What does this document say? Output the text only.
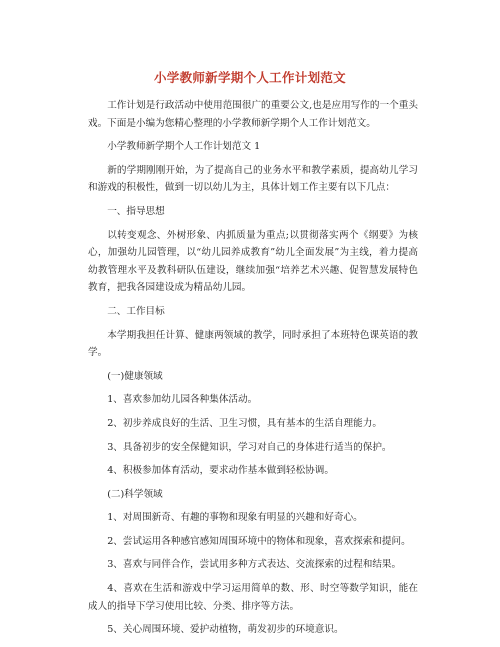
小学教师新学期个人工作计划范文

工作计划是行政活动中使用范围很广的重要公文,也是应用写作的一个重头戏。下面是小编为您精心整理的小学教师新学期个人工作计划范文。

小学教师新学期个人工作计划范文 1

新的学期刚刚开始，为了提高自己的业务水平和教学素质，提高幼儿学习和游戏的积极性，做到一切以幼儿为主，具体计划工作主要有以下几点：

一、指导思想

以转变观念、外树形象、内抓质量为重点;以贯彻落实两个《纲要》为核心，加强幼儿园管理，以“幼儿园养成教育”幼儿全面发展”为主线，着力提高幼教管理水平及教科研队伍建设，继续加强“培养艺术兴趣、促智慧发展特色教育，把我各园建设成为精品幼儿园。

二、工作目标

本学期我担任计算、健康两领域的教学，同时承担了本班特色课英语的教学。

(一)健康领域

1、喜欢参加幼儿园各种集体活动。

2、初步养成良好的生活、卫生习惯，具有基本的生活自理能力。

3、具备初步的安全保健知识，学习对自己的身体进行适当的保护。

4、积极参加体育活动，要求动作基本做到轻松协调。

(二)科学领域

1、对周围新奇、有趣的事物和现象有明显的兴趣和好奇心。

2、尝试运用各种感官感知周围环境中的物体和现象，喜欢探索和提问。

3、喜欢与同伴合作，尝试用多种方式表达、交流探索的过程和结果。

4、喜欢在生活和游戏中学习运用简单的数、形、时空等数学知识，能在成人的指导下学习使用比较、分类、排序等方法。

5、关心周围环境、爱护动植物，萌发初步的环境意识。
